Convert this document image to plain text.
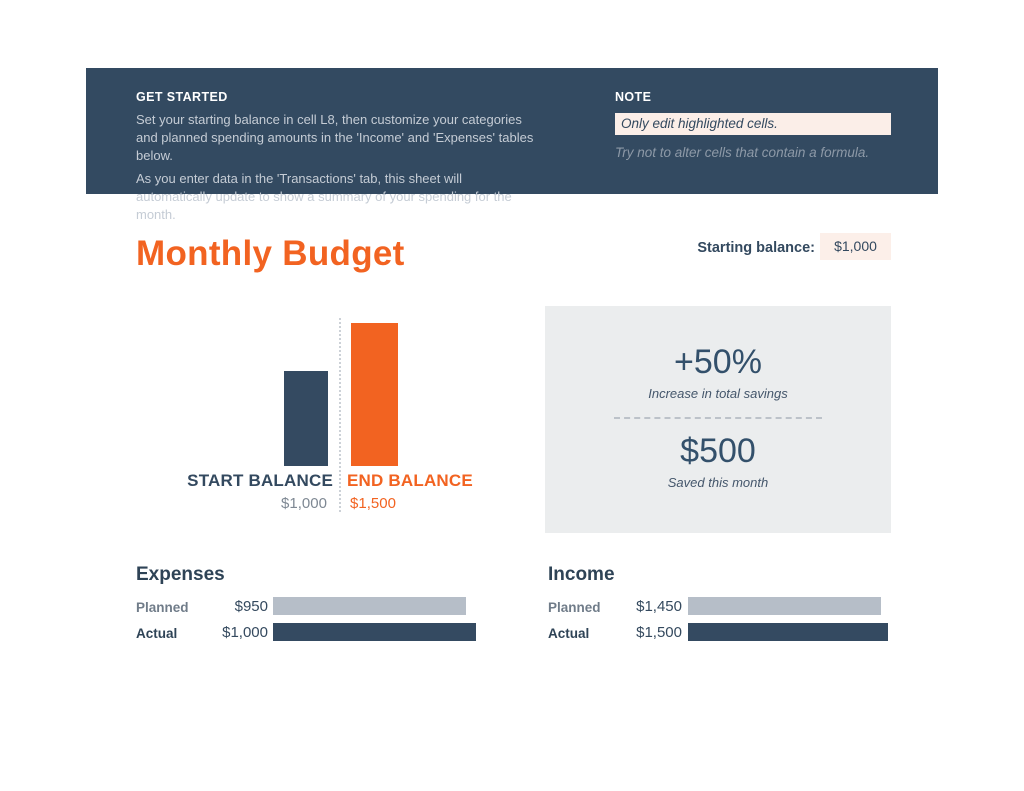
GET STARTED
Set your starting balance in cell L8, then customize your categories and planned spending amounts in the 'Income' and 'Expenses' tables below.
As you enter data in the 'Transactions' tab, this sheet will automatically update to show a summary of your spending for the month.
NOTE
Only edit highlighted cells.
Try not to alter cells that contain a formula.
Monthly Budget	Starting balance:	$1,000
START BALANCE END BALANCE
$1,000	$1,500
+50%
Increase in total savings
$500
Saved this month
Expenses
Planned	$950
Actual	$1,000
Income
Planned	$1,450
Actual	$1,500
